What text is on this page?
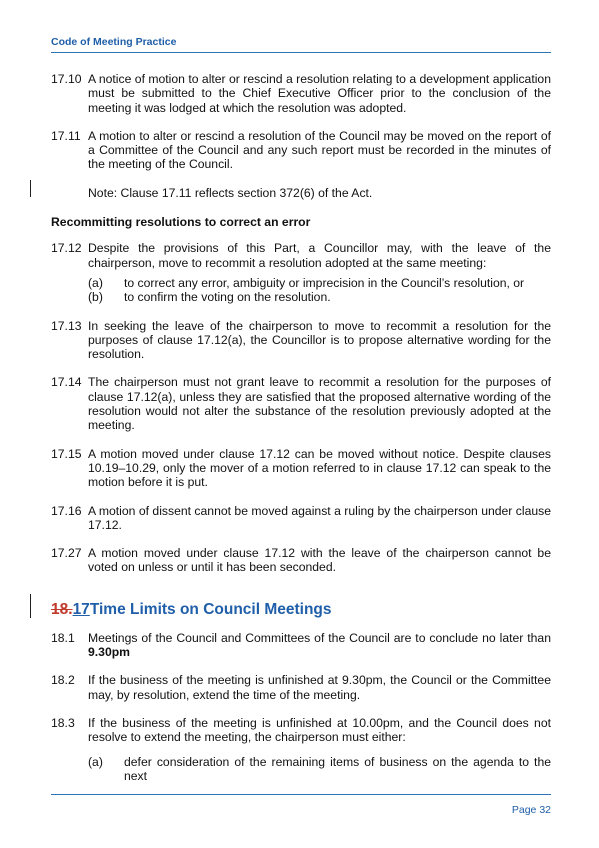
Code of Meeting Practice
17.10 A notice of motion to alter or rescind a resolution relating to a development application must be submitted to the Chief Executive Officer prior to the conclusion of the meeting it was lodged at which the resolution was adopted.
17.11 A motion to alter or rescind a resolution of the Council may be moved on the report of a Committee of the Council and any such report must be recorded in the minutes of the meeting of the Council.
Note: Clause 17.11 reflects section 372(6) of the Act.
Recommitting resolutions to correct an error
17.12 Despite the provisions of this Part, a Councillor may, with the leave of the chairperson, move to recommit a resolution adopted at the same meeting:
(a)	to correct any error, ambiguity or imprecision in the Council’s resolution, or
(b)	to confirm the voting on the resolution.
17.13 In seeking the leave of the chairperson to move to recommit a resolution for the purposes of clause 17.12(a), the Councillor is to propose alternative wording for the resolution.
17.14 The chairperson must not grant leave to recommit a resolution for the purposes of clause 17.12(a), unless they are satisfied that the proposed alternative wording of the resolution would not alter the substance of the resolution previously adopted at the meeting.
17.15 A motion moved under clause 17.12 can be moved without notice. Despite clauses 10.19–10.29, only the mover of a motion referred to in clause 17.12 can speak to the motion before it is put.
17.16 A motion of dissent cannot be moved against a ruling by the chairperson under clause 17.12.
17.27 A motion moved under clause 17.12 with the leave of the chairperson cannot be voted on unless or until it has been seconded.
18.17Time Limits on Council Meetings
18.1	Meetings of the Council and Committees of the Council are to conclude no later than 9.30pm
18.2	If the business of the meeting is unfinished at 9.30pm, the Council or the Committee may, by resolution, extend the time of the meeting.
18.3	If the business of the meeting is unfinished at 10.00pm, and the Council does not resolve to extend the meeting, the chairperson must either:
(a)	defer consideration of the remaining items of business on the agenda to the next
Page 32
